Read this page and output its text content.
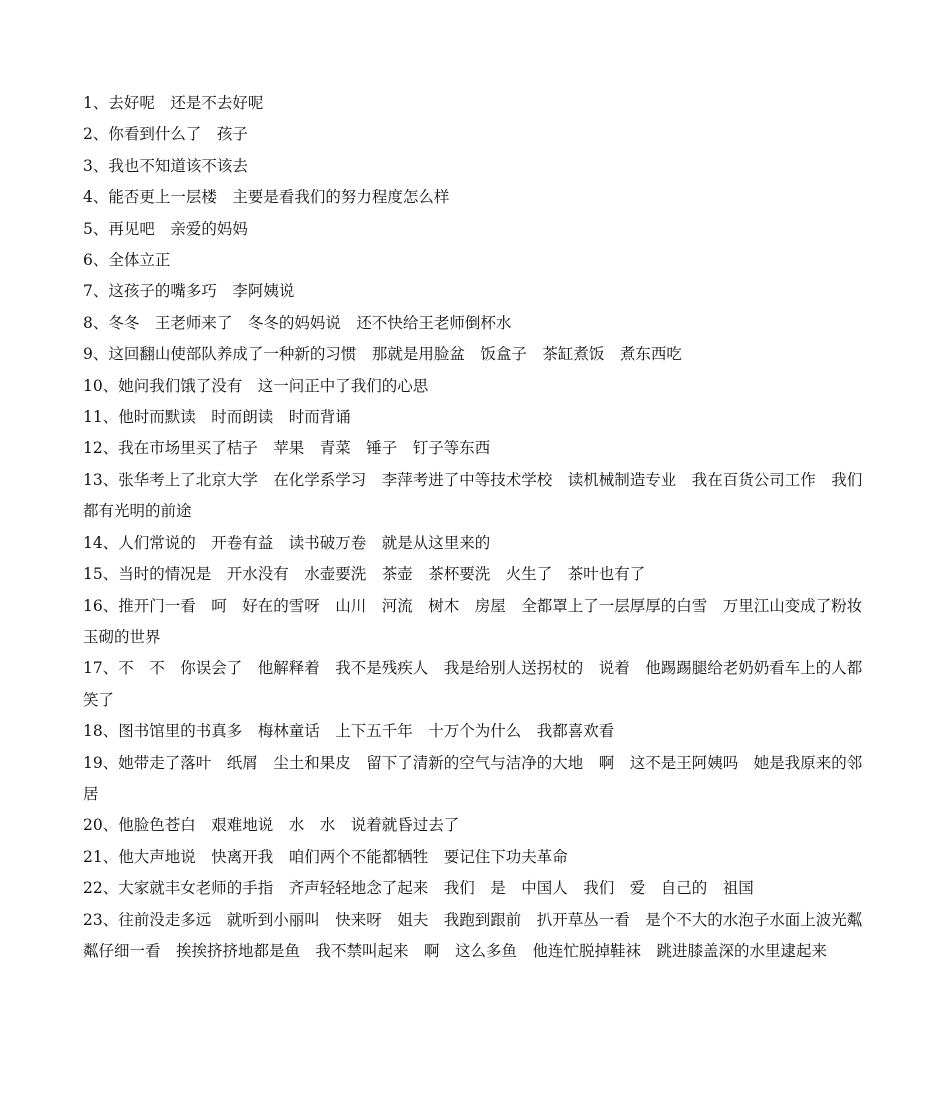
1、去好呢　还是不去好呢

2、你看到什么了　孩子

3、我也不知道该不该去

4、能否更上一层楼　主要是看我们的努力程度怎么样

5、再见吧　亲爱的妈妈

6、全体立正

7、这孩子的嘴多巧　李阿姨说

8、冬冬　王老师来了　冬冬的妈妈说　还不快给王老师倒杯水

9、这回翻山使部队养成了一种新的习惯　那就是用脸盆　饭盒子　茶缸煮饭　煮东西吃

10、她问我们饿了没有　这一问正中了我们的心思

11、他时而默读　时而朗读　时而背诵

12、我在市场里买了桔子　苹果　青菜　锤子　钉子等东西

13、张华考上了北京大学　在化学系学习　李萍考进了中等技术学校　读机械制造专业　我在百货公司工作　我们都有光明的前途

14、人们常说的　开卷有益　读书破万卷　就是从这里来的

15、当时的情况是　开水没有　水壶要洗　茶壶　茶杯要洗　火生了　茶叶也有了

16、推开门一看　呵　好在的雪呀　山川　河流　树木　房屋　全都罩上了一层厚厚的白雪　万里江山变成了粉妆玉砌的世界

17、不　不　你误会了　他解释着　我不是残疾人　我是给别人送拐杖的　说着　他踢踢腿给老奶奶看车上的人都笑了

18、图书馆里的书真多　梅林童话　上下五千年　十万个为什么　我都喜欢看

19、她带走了落叶　纸屑　尘土和果皮　留下了清新的空气与洁净的大地　啊　这不是王阿姨吗　她是我原来的邻居

20、他脸色苍白　艰难地说　水　水　说着就昏过去了

21、他大声地说　快离开我　咱们两个不能都牺牲　要记住下功夫革命

22、大家就丰女老师的手指　齐声轻轻地念了起来　我们　是　中国人　我们　爱　自己的　祖国

23、往前没走多远　就听到小丽叫　快来呀　姐夫　我跑到跟前　扒开草丛一看　是个不大的水泡子水面上波光粼粼仔细一看　挨挨挤挤地都是鱼　我不禁叫起来　啊　这么多鱼　他连忙脱掉鞋袜　跳进膝盖深的水里逮起来
